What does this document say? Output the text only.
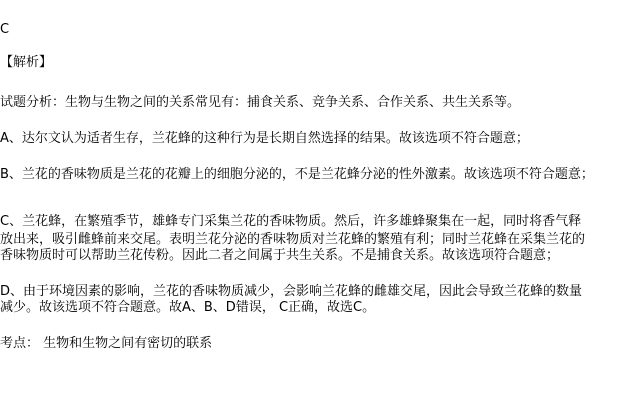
C
【解析】
试题分析：生物与生物之间的关系常见有：捕食关系、竞争关系、合作关系、共生关系等。
A、达尔文认为适者生存，兰花蜂的这种行为是长期自然选择的结果。故该选项不符合题意；
B、兰花的香味物质是兰花的花瓣上的细胞分泌的，不是兰花蜂分泌的性外激素。故该选项不符合题意；
C、兰花蜂，在繁殖季节，雄蜂专门采集兰花的香味物质。然后，许多雄蜂聚集在一起，同时将香气释
放出来，吸引雌蜂前来交尾。表明兰花分泌的香味物质对兰花蜂的繁殖有利；同时兰花蜂在采集兰花的
香味物质时可以帮助兰花传粉。因此二者之间属于共生关系。不是捕食关系。故该选项符合题意；
D、由于环境因素的影响，兰花的香味物质减少，会影响兰花蜂的雌雄交尾，因此会导致兰花蜂的数量
减少。故该选项不符合题意。故A、B、D错误， C正确，故选C。
考点： 生物和生物之间有密切的联系
